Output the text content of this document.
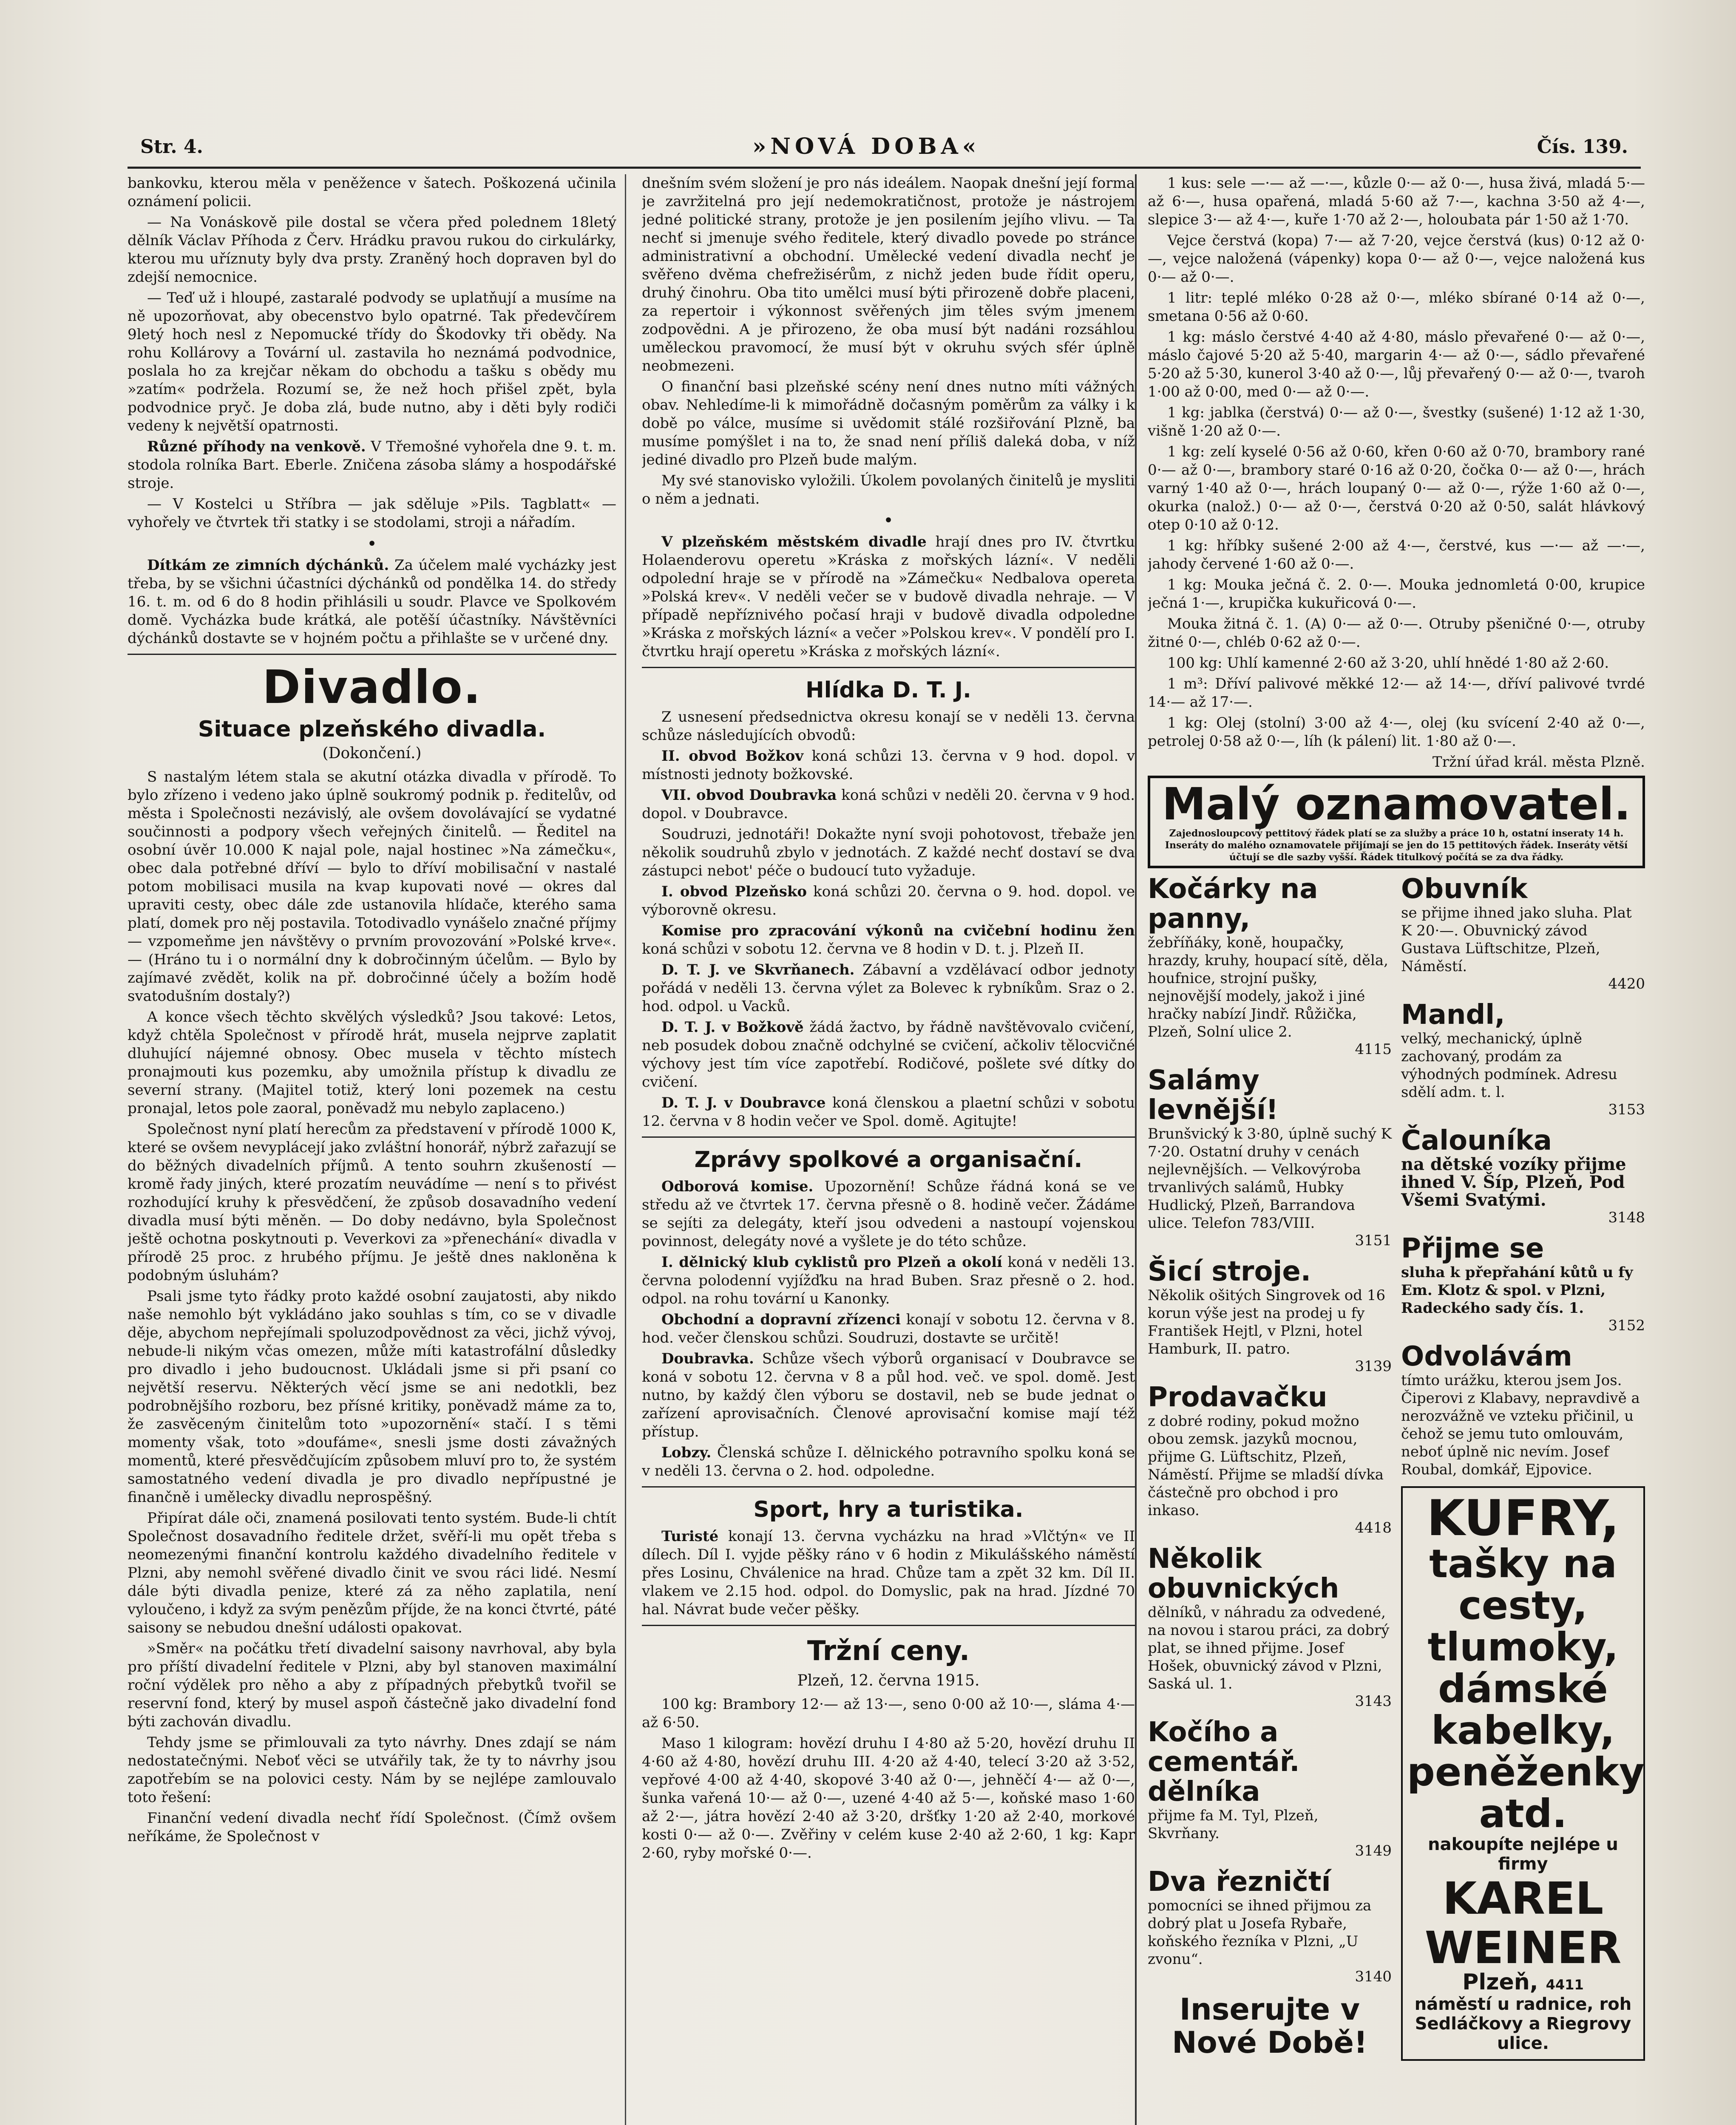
Str. 4.	»NOVÁ DOBA«	Čís. 139.

bankovku, kterou měla v peněžence v šatech. Poškozená učinila oznámení policii.

— Na Vonáskově pile dostal se včera před polednem 18letý dělník Václav Příhoda z Červ. Hrádku pravou rukou do cirkulárky, kterou mu uříznuty byly dva prsty. Zraněný hoch dopraven byl do zdejší nemocnice.

— Teď už i hloupé, zastaralé podvody se uplatňují a musíme na ně upozorňovat, aby obecenstvo bylo opatrné. Tak předevčírem 9letý hoch nesl z Nepomucké třídy do Škodovky tři obědy. Na rohu Kollárovy a Tovární ul. zastavila ho neznámá podvodnice, poslala ho za krejčar někam do obchodu a tašku s obědy mu »zatím« podržela. Rozumí se, že než hoch přišel zpět, byla podvodnice pryč. Je doba zlá, bude nutno, aby i děti byly rodiči vedeny k největší opatrnosti.

Různé příhody na venkově. V Třemošné vyhořela dne 9. t. m. stodola rolníka Bart. Eberle. Zničena zásoba slámy a hospodářské stroje.

— V Kostelci u Stříbra — jak sděluje »Pils. Tagblatt« — vyhořely ve čtvrtek tři statky i se stodolami, stroji a nářadím.

•

Dítkám ze zimních dýchánků. Za účelem malé vycházky jest třeba, by se všichni účastníci dýchánků od pondělka 14. do středy 16. t. m. od 6 do 8 hodin přihlásili u soudr. Plavce ve Spolkovém domě. Vycházka bude krátká, ale potěší účastníky. Návštěvníci dýchánků dostavte se v hojném počtu a přihlašte se v určené dny.

Divadlo.
Situace plzeňského divadla.
(Dokončení.)

S nastalým létem stala se akutní otázka divadla v přírodě. To bylo zřízeno i vedeno jako úplně soukromý podnik p. ředitelův, od města i Společnosti nezávislý, ale ovšem dovolávající se vydatné součinnosti a podpory všech veřejných činitelů. — Ředitel na osobní úvěr 10.000 K najal pole, najal hostinec »Na zámečku«, obec dala potřebné dříví — bylo to dříví mobilisační v nastalé potom mobilisaci musila na kvap kupovati nové — okres dal upraviti cesty, obec dále zde ustanovila hlídače, kterého sama platí, domek pro něj postavila. Totodivadlo vynášelo značné příjmy — vzpomeňme jen návštěvy o prvním provozování »Polské krve«. — (Hráno tu i o normální dny k dobročinným účelům. — Bylo by zajímavé zvědět, kolik na př. dobročinné účely a božím hodě svatodušním dostaly?)

A konce všech těchto skvělých výsledků? Jsou takové: Letos, když chtěla Společnost v přírodě hrát, musela nejprve zaplatit dluhující nájemné obnosy. Obec musela v těchto místech pronajmouti kus pozemku, aby umožnila přístup k divadlu ze severní strany. (Majitel totiž, který loni pozemek na cestu pronajal, letos pole zaoral, poněvadž mu nebylo zaplaceno.)

Společnost nyní platí herecům za představení v přírodě 1000 K, které se ovšem nevyplácejí jako zvláštní honorář, nýbrž zařazují se do běžných divadelních příjmů. A tento souhrn zkušeností — kromě řady jiných, které prozatím neuvádíme — není s to přivést rozhodující kruhy k přesvědčení, že způsob dosavadního vedení divadla musí býti měněn. — Do doby nedávno, byla Společnost ještě ochotna poskytnouti p. Veverkovi za »přenechání« divadla v přírodě 25 proc. z hrubého příjmu. Je ještě dnes nakloněna k podobným úsluhám?

Psali jsme tyto řádky proto každé osobní zaujatosti, aby nikdo naše nemohlo být vykládáno jako souhlas s tím, co se v divadle děje, abychom nepřejímali spoluzodpovědnost za věci, jichž vývoj, nebude-li nikým včas omezen, může míti katastrofální důsledky pro divadlo i jeho budoucnost. Ukládali jsme si při psaní co největší reservu. Některých věcí jsme se ani nedotkli, bez podrobnějšího rozboru, bez přísné kritiky, poněvadž máme za to, že zasvěceným činitelům toto »upozornění« stačí. I s těmi momenty však, toto »doufáme«, snesli jsme dosti závažných momentů, které přesvědčujícím způsobem mluví pro to, že systém samostatného vedení divadla je pro divadlo nepřípustné je finančně i umělecky divadlu neprospěšný.

Připírat dále oči, znamená posilovati tento systém. Bude-li chtít Společnost dosavadního ředitele držet, svěří-li mu opět třeba s neomezenými finanční kontrolu každého divadelního ředitele v Plzni, aby nemohl svěřené divadlo činit ve svou ráci lidé. Nesmí dále býti divadla penize, které zá za něho zaplatila, není vyloučeno, i když za svým penězům příjde, že na konci čtvrté, páté saisony se nebudou dnešní události opakovat.

»Směr« na počátku třetí divadelní saisony navrhoval, aby byla pro příští divadelní ředitele v Plzni, aby byl stanoven maximální roční výdělek pro něho a aby z případných přebytků tvořil se reservní fond, který by musel aspoň částečně jako divadelní fond býti zachován divadlu.

Tehdy jsme se přimlouvali za tyto návrhy. Dnes zdají se nám nedostatečnými. Neboť věci se utvářily tak, že ty to návrhy jsou zapotřebím se na polovici cesty. Nám by se nejlépe zamlouvalo toto řešení:

Finanční vedení divadla nechť řídí Společnost. (Čímž ovšem neříkáme, že Společnost v

dnešním svém složení je pro nás ideálem. Naopak dnešní její forma je zavržitelná pro její nedemokratičnost, protože je nástrojem jedné politické strany, protože je jen posilením jejího vlivu. — Ta nechť si jmenuje svého ředitele, který divadlo povede po stránce administrativní a obchodní. Umělecké vedení divadla nechť je svěřeno dvěma chefrežisérům, z nichž jeden bude řídit operu, druhý činohru. Oba tito umělci musí býti přirozeně dobře placeni, za repertoir i výkonnost svěřených jim těles svým jmenem zodpovědni. A je přirozeno, že oba musí být nadáni rozsáhlou uměleckou pravomocí, že musí být v okruhu svých sfér úplně neobmezeni.

O finanční basi plzeňské scény není dnes nutno míti vážných obav. Nehledíme-li k mimořádně dočasným poměrům za války i k době po válce, musíme si uvědomit stálé rozšiřování Plzně, ba musíme pomýšlet i na to, že snad není příliš daleká doba, v níž jediné divadlo pro Plzeň bude malým.

My své stanovisko vyložili. Úkolem povolaných činitelů je mysliti o něm a jednati.

•

V plzeňském městském divadle hrají dnes pro IV. čtvrtku Holaenderovu operetu »Kráska z mořských lázní«. V neděli odpolední hraje se v přírodě na »Zámečku« Nedbalova opereta »Polská krev«. V neděli večer se v budově divadla nehraje. — V případě nepříznivého počasí hraji v budově divadla odpoledne »Kráska z mořských lázní« a večer »Polskou krev«. V pondělí pro I. čtvrtku hrají operetu »Kráska z mořských lázní«.

Hlídka D. T. J.

Z usnesení předsednictva okresu konají se v neděli 13. června schůze následujících obvodů:

II. obvod Božkov koná schůzi 13. června v 9 hod. dopol. v místnosti jednoty božkovské.

VII. obvod Doubravka koná schůzi v neděli 20. června v 9 hod. dopol. v Doubravce.

Soudruzi, jednotáři! Dokažte nyní svoji pohotovost, třebaže jen několik soudruhů zbylo v jednotách. Z každé nechť dostaví se dva zástupci nebot' péče o budoucí tuto vyžaduje.

I. obvod Plzeňsko koná schůzi 20. června o 9. hod. dopol. ve výborovně okresu.

Komise pro zpracování výkonů na cvičební hodinu žen koná schůzi v sobotu 12. června ve 8 hodin v D. t. j. Plzeň II.

D. T. J. ve Skvrňanech. Zábavní a vzdělávací odbor jednoty pořádá v neděli 13. června výlet za Bolevec k rybníkům. Sraz o 2. hod. odpol. u Vacků.

D. T. J. v Božkově žádá žactvo, by řádně navštěvovalo cvičení, neb posudek dobou značně odchylné se cvičení, ačkoliv tělocvičné výchovy jest tím více zapotřebí. Rodičové, pošlete své dítky do cvičení.

D. T. J. v Doubravce koná členskou a plaetní schůzi v sobotu 12. června v 8 hodin večer ve Spol. domě. Agitujte!

Zprávy spolkové a organisační.

Odborová komise. Upozornění! Schůze řádná koná se ve středu až ve čtvrtek 17. června přesně o 8. hodině večer. Žádáme se sejíti za delegáty, kteří jsou odvedeni a nastoupí vojenskou povinnost, delegáty nové a vyšlete je do této schůze.

I. dělnický klub cyklistů pro Plzeň a okolí koná v neděli 13. června polodenní vyjížďku na hrad Buben. Sraz přesně o 2. hod. odpol. na rohu tovární u Kanonky.

Obchodní a dopravní zřízenci konají v sobotu 12. června v 8. hod. večer členskou schůzi. Soudruzi, dostavte se určitě!

Doubravka. Schůze všech výborů organisací v Doubravce se koná v sobotu 12. června v 8 a půl hod. več. ve spol. domě. Jest nutno, by každý člen výboru se dostavil, neb se bude jednat o zařízení aprovisačních. Členové aprovisační komise mají též přístup.

Lobzy. Členská schůze I. dělnického potravního spolku koná se v neděli 13. června o 2. hod. odpoledne.

Sport, hry a turistika.

Turisté konají 13. června vycházku na hrad »Vlčtýn« ve II dílech. Díl I. vyjde pěšky ráno v 6 hodin z Mikulášského náměstí přes Losinu, Chválenice na hrad. Chůze tam a zpět 32 km. Díl II. vlakem ve 2.15 hod. odpol. do Domyslic, pak na hrad. Jízdné 70 hal. Návrat bude večer pěšky.

Tržní ceny.
Plzeň, 12. června 1915.

100 kg: Brambory 12·— až 13·—, seno 0·00 až 10·—, sláma 4·— až 6·50.

Maso 1 kilogram: hovězí druhu I 4·80 až 5·20, hovězí druhu II 4·60 až 4·80, hovězí druhu III. 4·20 až 4·40, telecí 3·20 až 3·52, vepřové 4·00 až 4·40, skopové 3·40 až 0·—, jehněčí 4·— až 0·—, šunka vařená 10·— až 0·—, uzené 4·40 až 5·—, koňské maso 1·60 až 2·—, játra hovězí 2·40 až 3·20, dršťky 1·20 až 2·40, morkové kosti 0·— až 0·—. Zvěřiny v celém kuse 2·40 až 2·60, 1 kg: Kapr 2·60, ryby mořské 0·—.

1 kus: sele —·— až —·—, kůzle 0·— až 0·—, husa živá, mladá 5·— až 6·—, husa opařená, mladá 5·60 až 7·—, kachna 3·50 až 4·—, slepice 3·— až 4·—, kuře 1·70 až 2·—, holoubata pár 1·50 až 1·70.

Vejce čerstvá (kopa) 7·— až 7·20, vejce čerstvá (kus) 0·12 až 0·—, vejce naložená (vápenky) kopa 0·— až 0·—, vejce naložená kus 0·— až 0·—.

1 litr: teplé mléko 0·28 až 0·—, mléko sbírané 0·14 až 0·—, smetana 0·56 až 0·60.

1 kg: máslo čerstvé 4·40 až 4·80, máslo převařené 0·— až 0·—, máslo čajové 5·20 až 5·40, margarin 4·— až 0·—, sádlo převařené 5·20 až 5·30, kunerol 3·40 až 0·—, lůj převařený 0·— až 0·—, tvaroh 1·00 až 0·00, med 0·— až 0·—.

1 kg: jablka (čerstvá) 0·— až 0·—, švestky (sušené) 1·12 až 1·30, višně 1·20 až 0·—.

1 kg: zelí kyselé 0·56 až 0·60, křen 0·60 až 0·70, brambory rané 0·— až 0·—, brambory staré 0·16 až 0·20, čočka 0·— až 0·—, hrách varný 1·40 až 0·—, hrách loupaný 0·— až 0·—, rýže 1·60 až 0·—, okurka (nalož.) 0·— až 0·—, čerstvá 0·20 až 0·50, salát hlávkový otep 0·10 až 0·12.

1 kg: hříbky sušené 2·00 až 4·—, čerstvé, kus —·— až —·—, jahody červené 1·60 až 0·—.

1 kg: Mouka ječná č. 2. 0·—. Mouka jednomletá 0·00, krupice ječná 1·—, krupička kukuřicová 0·—.

Mouka žitná č. 1. (A) 0·— až 0·—. Otruby pšeničné 0·—, otruby žitné 0·—, chléb 0·62 až 0·—.

100 kg: Uhlí kamenné 2·60 až 3·20, uhlí hnědé 1·80 až 2·60.

1 m³: Dříví palivové měkké 12·— až 14·—, dříví palivové tvrdé 14·— až 17·—.

1 kg: Olej (stolní) 3·00 až 4·—, olej (ku svícení 2·40 až 0·—, petrolej 0·58 až 0·—, líh (k pálení) lit. 1·80 až 0·—.

Tržní úřad král. města Plzně.

Malý oznamovatel.
Zajednosloupcový pettitový řádek platí se za služby a práce 10 h, ostatní inseraty 14 h. Inseráty do malého oznamovatele přijímají se jen do 15 pettitových řádek. Inseráty větší účtují se dle sazby vyšší. Řádek titulkový počítá se za dva řádky.
Kočárky na panny,
žebříňáky, koně, houpačky, hrazdy, kruhy, houpací sítě, děla, houfnice, strojní pušky, nejnovější modely, jakož i jiné hračky nabízí Jindř. Růžička, Plzeň, Solní ulice 2.
4115
Salámy levnější!
Brunšvický k 3·80, úplně suchý K 7·20. Ostatní druhy v cenách nejlevnějších. — Velkovýroba trvanlivých salámů, Hubky Hudlický, Plzeň, Barrandova ulice. Telefon 783/VIII.
3151
Šicí stroje.
Několik ošitých Singrovek od 16 korun výše jest na prodej u fy František Hejtl, v Plzni, hotel Hamburk, II. patro.
3139
Prodavačku
z dobré rodiny, pokud možno obou zemsk. jazyků mocnou, přijme G. Lüftschitz, Plzeň, Náměstí. Přijme se mladší dívka částečně pro obchod i pro inkaso.
4418
Několik obuvnických
dělníků, v náhradu za odvedené, na novou i starou práci, za dobrý plat, se ihned přijme. Josef Hošek, obuvnický závod v Plzni, Saská ul. 1.
3143
Kočího a cementář. dělníka
přijme fa M. Tyl, Plzeň, Skvrňany.
3149
Dva řezničtí
pomocníci se ihned přijmou za dobrý plat u Josefa Rybaře, koňského řezníka v Plzni, „U zvonu“.
3140
Inserujte v Nové Době!
Obuvník
se přijme ihned jako sluha. Plat K 20·—. Obuvnický závod Gustava Lüftschitze, Plzeň, Náměstí.
4420
Mandl,
velký, mechanický, úplně zachovaný, prodám za výhodných podmínek. Adresu sdělí adm. t. l.
3153
Čalouníka
na dětské vozíky přijme ihned V. Šíp, Plzeň, Pod Všemi Svatými.
3148
Přijme se
sluha k přepřahání kůtů u fy Em. Klotz & spol. v Plzni, Radeckého sady čís. 1.
3152
Odvolávám
tímto urážku, kterou jsem Jos. Čiperovi z Klabavy, nepravdivě a nerozvážně ve vzteku přičinil, u čehož se jemu tuto omlouvám, neboť úplně nic nevím. Josef Roubal, domkář, Ejpovice.
KUFRY,
tašky na cesty, tlumoky, dámské kabelky, peněženky atd.
nakoupíte nejlépe u firmy
KAREL WEINER
Plzeň, 4411
náměstí u radnice, roh Sedláčkovy a Riegrovy ulice.
